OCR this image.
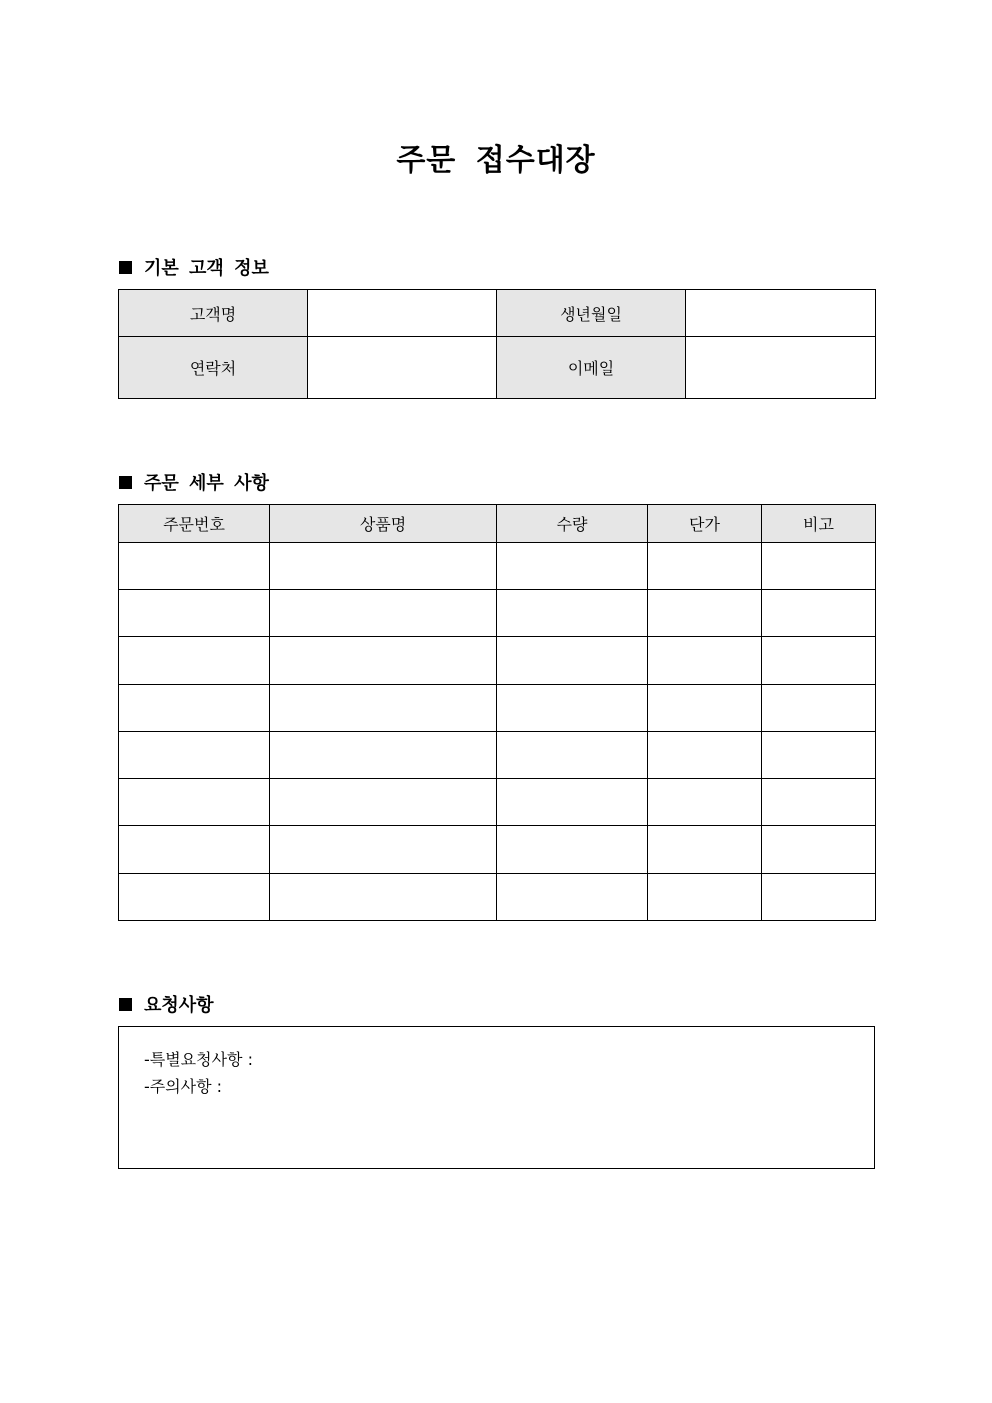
주문 접수대장
기본 고객 정보
고객명		생년월일	
연락처		이메일	
주문 세부 사항
주문번호	상품명	수량	단가	비고

요청사항
-특별요청사항 :
-주의사항 :
